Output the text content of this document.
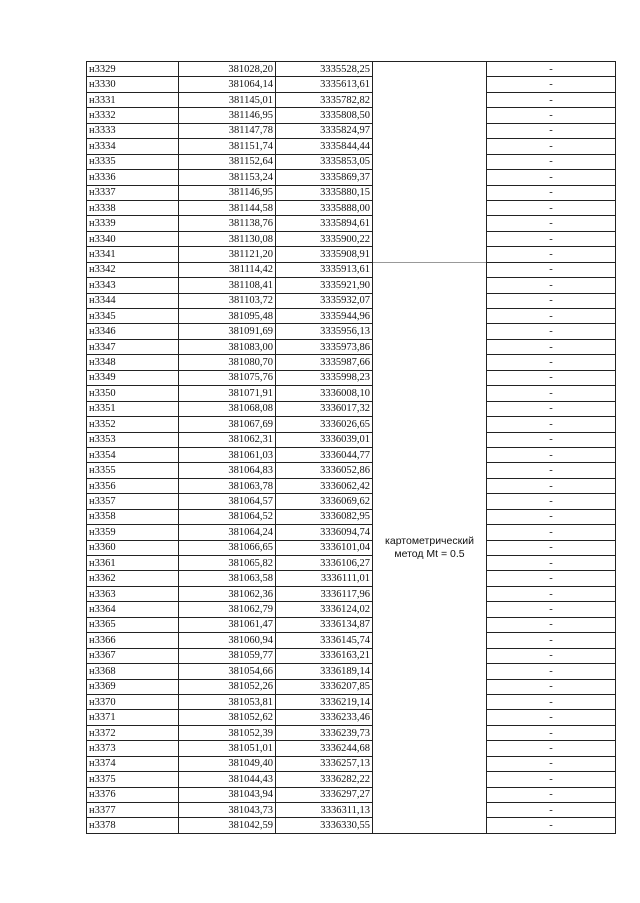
н3329	381028,20	3335528,25		-
н3330	381064,14	3335613,61		-
н3331	381145,01	3335782,82		-
н3332	381146,95	3335808,50		-
н3333	381147,78	3335824,97		-
н3334	381151,74	3335844,44		-
н3335	381152,64	3335853,05		-
н3336	381153,24	3335869,37		-
н3337	381146,95	3335880,15		-
н3338	381144,58	3335888,00		-
н3339	381138,76	3335894,61		-
н3340	381130,08	3335900,22		-
н3341	381121,20	3335908,91		-
н3342	381114,42	3335913,61	картометрический
метод Mt = 0.5	-
н3343	381108,41	3335921,90		-
н3344	381103,72	3335932,07		-
н3345	381095,48	3335944,96		-
н3346	381091,69	3335956,13		-
н3347	381083,00	3335973,86		-
н3348	381080,70	3335987,66		-
н3349	381075,76	3335998,23		-
н3350	381071,91	3336008,10		-
н3351	381068,08	3336017,32		-
н3352	381067,69	3336026,65		-
н3353	381062,31	3336039,01		-
н3354	381061,03	3336044,77		-
н3355	381064,83	3336052,86		-
н3356	381063,78	3336062,42		-
н3357	381064,57	3336069,62		-
н3358	381064,52	3336082,95		-
н3359	381064,24	3336094,74		-
н3360	381066,65	3336101,04		-
н3361	381065,82	3336106,27		-
н3362	381063,58	3336111,01		-
н3363	381062,36	3336117,96		-
н3364	381062,79	3336124,02		-
н3365	381061,47	3336134,87		-
н3366	381060,94	3336145,74		-
н3367	381059,77	3336163,21		-
н3368	381054,66	3336189,14		-
н3369	381052,26	3336207,85		-
н3370	381053,81	3336219,14		-
н3371	381052,62	3336233,46		-
н3372	381052,39	3336239,73		-
н3373	381051,01	3336244,68		-
н3374	381049,40	3336257,13		-
н3375	381044,43	3336282,22		-
н3376	381043,94	3336297,27		-
н3377	381043,73	3336311,13		-
н3378	381042,59	3336330,55		-
